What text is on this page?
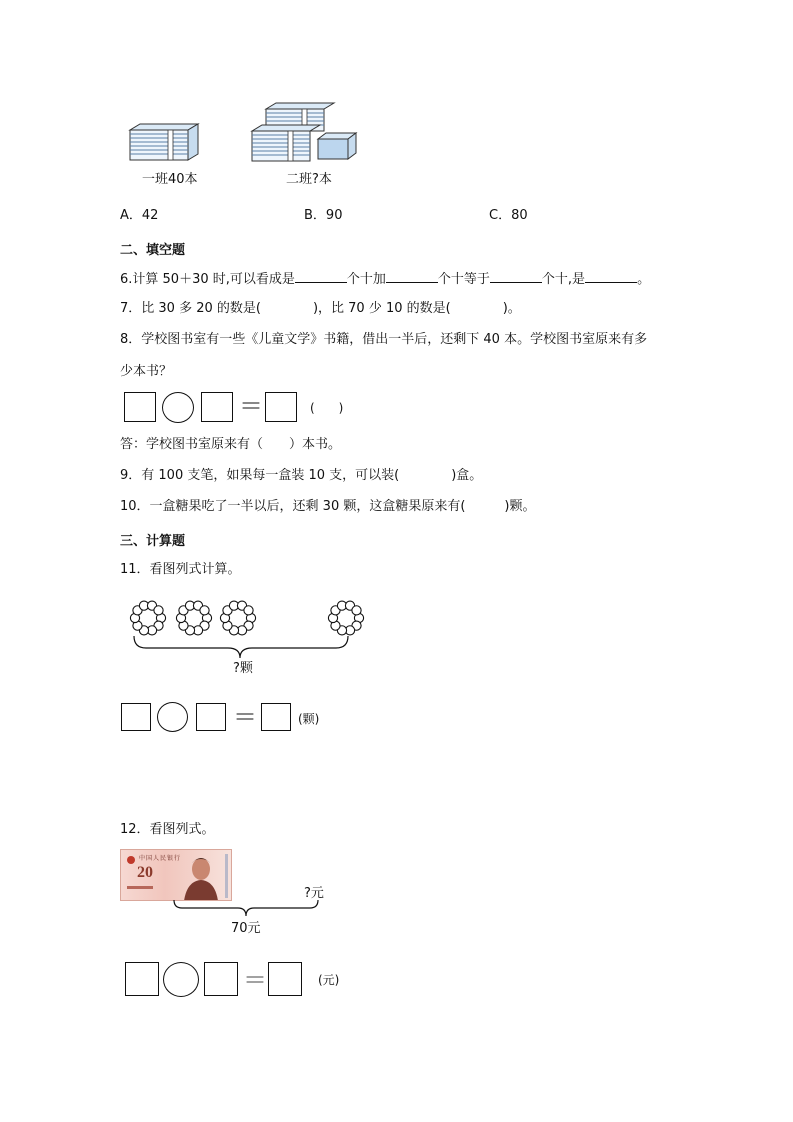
一班40本	二班?本
A．42	B．90	C．80
二、填空题
6.计算 50＋30 时,可以看成是	个十加	个十等于	个十,是	。
7．比 30 多 20 的数是(　　　　)，比 70 少 10 的数是(　　　　)。
8．学校图书室有一些《儿童文学》书籍，借出一半后，还剩下 40 本。学校图书室原来有多
少本书？
＝	(　　)
答：学校图书室原来有（　　）本书。
9．有 100 支笔，如果每一盒装 10 支，可以装(　　　　)盒。
10．一盒糖果吃了一半以后，还剩 30 颗，这盒糖果原来有(　　　)颗。
三、计算题
11．看图列式计算。
?颗
＝	(颗)
12．看图列式。
中国人民银行
20
?元
70元
＝	(元)
